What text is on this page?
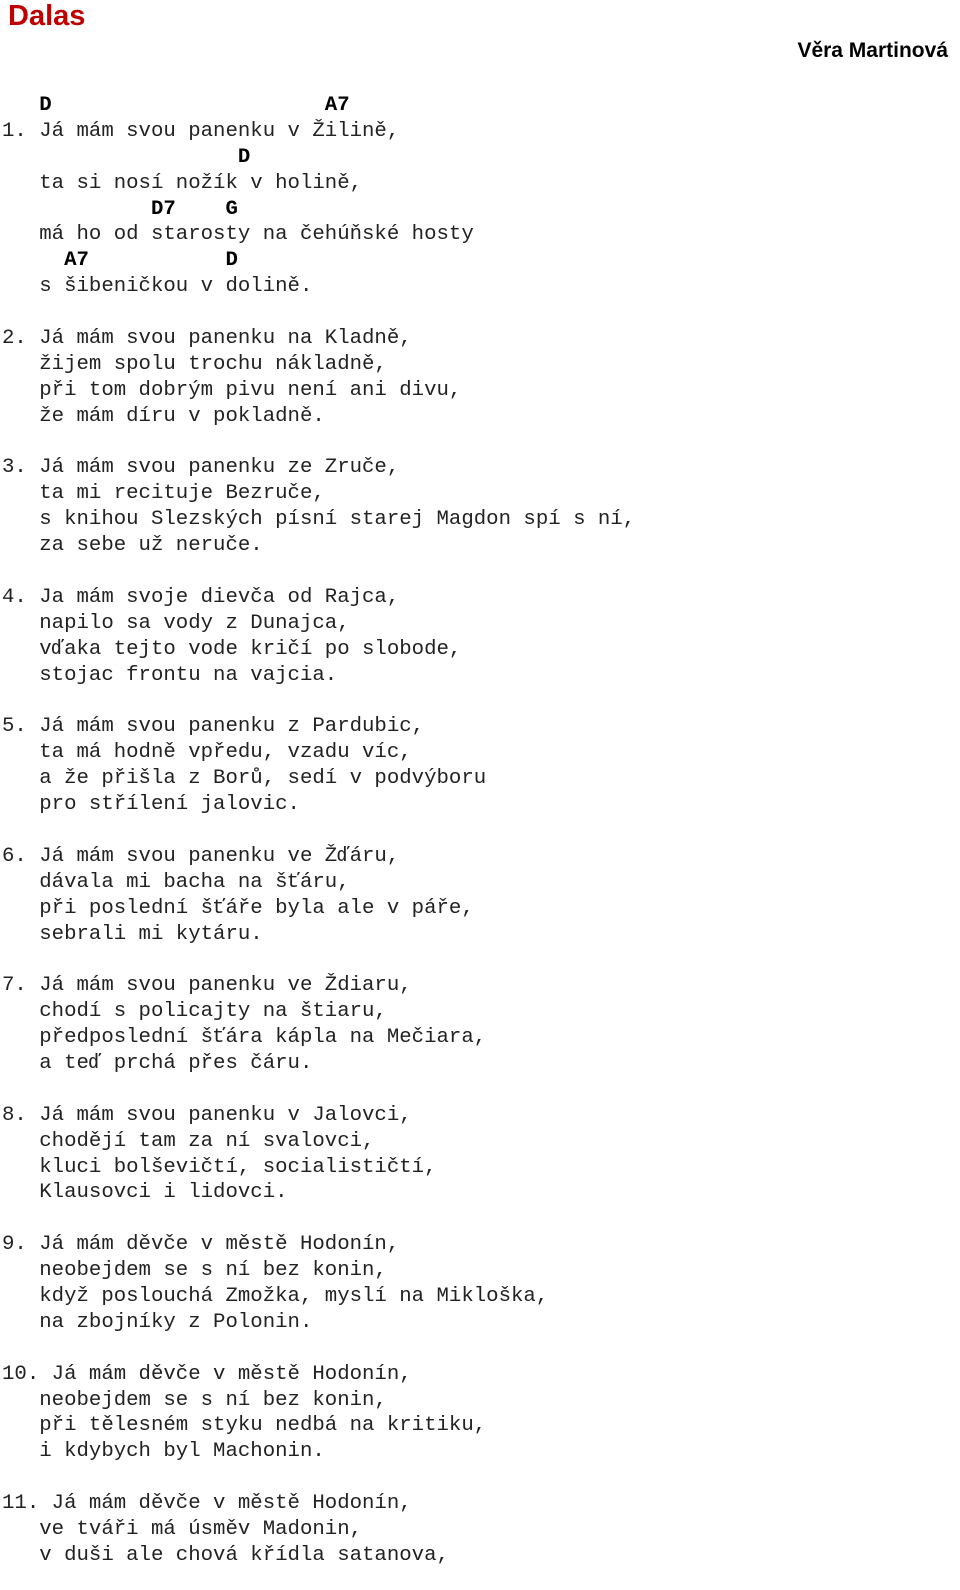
Dalas
Věra Martinová
D                      A7
1. Já mám svou panenku v Žilině,
D
ta si nosí nožík v holině,
D7    G
má ho od starosty na čehúňské hosty
A7           D
s šibeničkou v dolině.
2. Já mám svou panenku na Kladně,
žijem spolu trochu nákladně,
při tom dobrým pivu není ani divu,
že mám díru v pokladně.
3. Já mám svou panenku ze Zruče,
ta mi recituje Bezruče,
s knihou Slezských písní starej Magdon spí s ní,
za sebe už neruče.
4. Ja mám svoje dievča od Rajca,
napilo sa vody z Dunajca,
vďaka tejto vode kričí po slobode,
stojac frontu na vajcia.
5. Já mám svou panenku z Pardubic,
ta má hodně vpředu, vzadu víc,
a že přišla z Borů, sedí v podvýboru
pro střílení jalovic.
6. Já mám svou panenku ve Žďáru,
dávala mi bacha na šťáru,
při poslední šťáře byla ale v páře,
sebrali mi kytáru.
7. Já mám svou panenku ve Ždiaru,
chodí s policajty na štiaru,
předposlední šťára kápla na Mečiara,
a teď prchá přes čáru.
8. Já mám svou panenku v Jalovci,
chodějí tam za ní svalovci,
kluci bolševičtí, socialističtí,
Klausovci i lidovci.
9. Já mám děvče v městě Hodonín,
neobejdem se s ní bez konin,
když poslouchá Zmožka, myslí na Mikloška,
na zbojníky z Polonin.
10. Já mám děvče v městě Hodonín,
neobejdem se s ní bez konin,
při tělesném styku nedbá na kritiku,
i kdybych byl Machonin.
11. Já mám děvče v městě Hodonín,
ve tváři má úsměv Madonin,
v duši ale chová křídla satanova,
